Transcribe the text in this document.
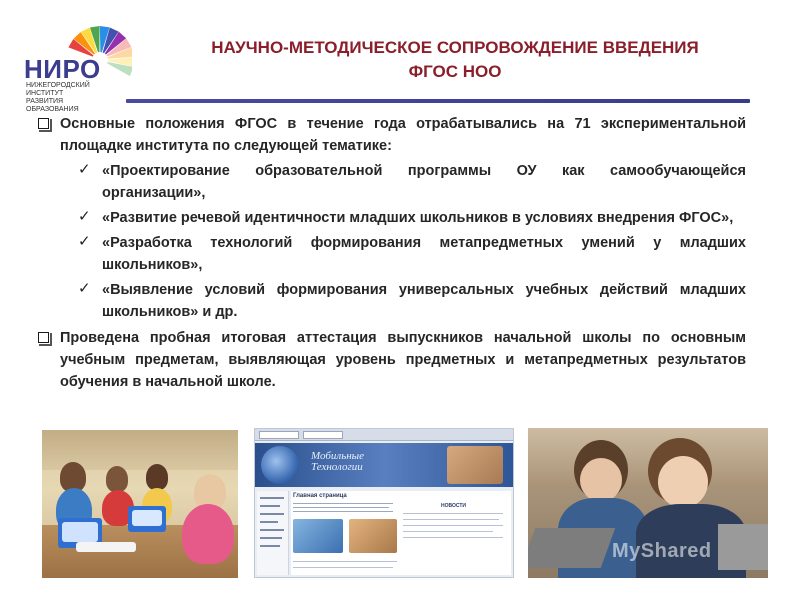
НИРО
НИЖЕГОРОДСКИЙ
ИНСТИТУТ
РАЗВИТИЯ
ОБРАЗОВАНИЯ
НАУЧНО-МЕТОДИЧЕСКОЕ СОПРОВОЖДЕНИЕ ВВЕДЕНИЯ
ФГОС НОО

Основные положения ФГОС в течение года отрабатывались на 71 экспериментальной площадке института по следующей тематике:

✓ «Проектирование образовательной программы ОУ как самообучающейся организации»,

✓ «Развитие речевой идентичности младших школьников в условиях внедрения ФГОС»,

✓ «Разработка технологий формирования метапредметных умений у младших школьников»,

✓ «Выявление условий формирования универсальных учебных действий младших школьников» и др.

Проведена пробная итоговая аттестация выпускников начальной школы по основным учебным предметам, выявляющая уровень предметных и метапредметных результатов обучения в начальной школе.

Мобильные
Технологии
Главная страница
НОВОСТИ
MyShared
